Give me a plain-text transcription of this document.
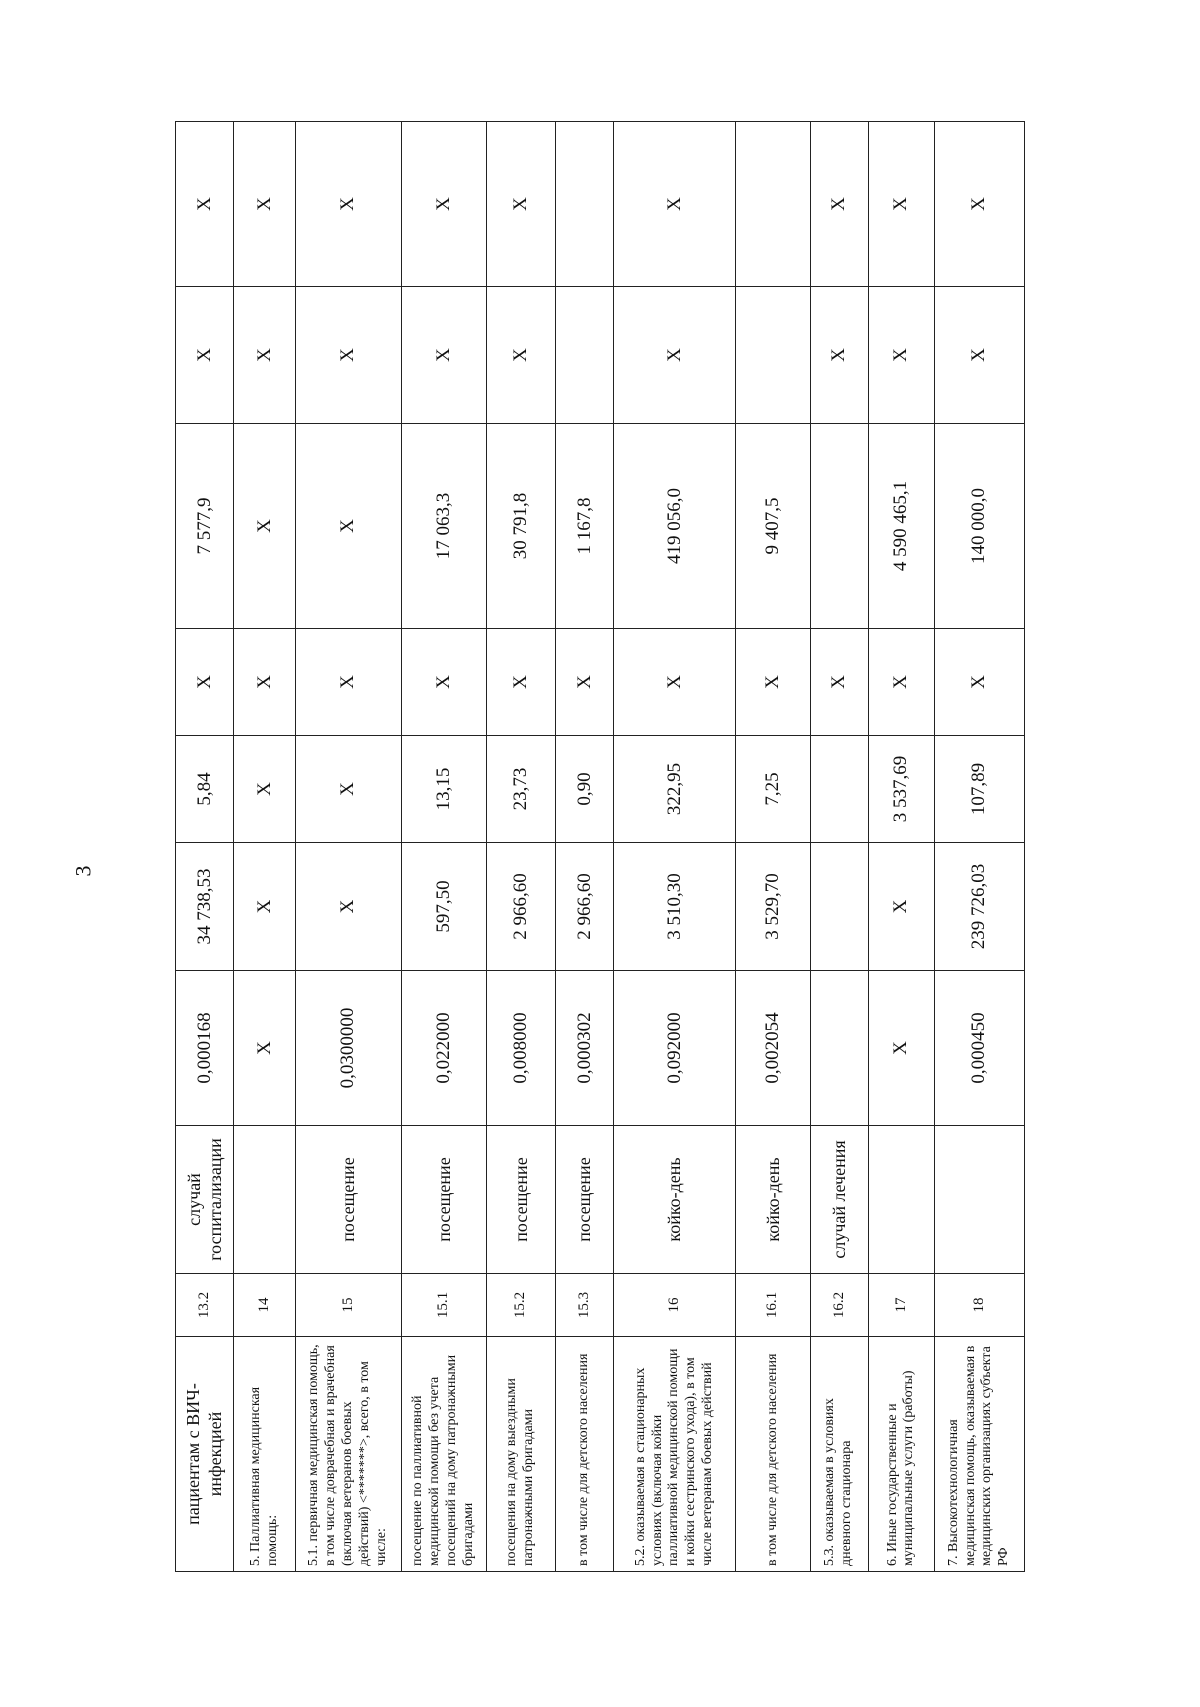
3
пациентам с ВИЧ-инфекцией	13.2	случай госпитализации	0,000168	34 738,53	5,84	X	7 577,9	X	X
5. Паллиативная медицинская помощь:	14		X	X	X	X	X	X	X
5.1. первичная медицинская помощь, в том числе доврачебная и врачебная (включая ветеранов боевых действий) <*******>, всего, в том числе:	15	посещение	0,0300000	X	X	X	X	X	X
посещение по паллиативной медицинской помощи без учета посещений на дому патронажными бригадами	15.1	посещение	0,022000	597,50	13,15	X	17 063,3	X	X
посещения на дому выездными патронажными бригадами	15.2	посещение	0,008000	2 966,60	23,73	X	30 791,8	X	X
в том числе для детского населения	15.3	посещение	0,000302	2 966,60	0,90	X	1 167,8		
5.2. оказываемая в стационарных условиях (включая койки паллиативной медицинской помощи и койки сестринского ухода), в том числе ветеранам боевых действий	16	койко-день	0,092000	3 510,30	322,95	X	419 056,0	X	X
в том числе для детского населения	16.1	койко-день	0,002054	3 529,70	7,25	X	9 407,5		
5.3. оказываемая в условиях дневного стационара	16.2	случай лечения				X		X	X
6. Иные государственные и муниципальные услуги (работы)	17		X	X	3 537,69	X	4 590 465,1	X	X
7. Высокотехнологичная медицинская помощь, оказываемая в медицинских организациях субъекта РФ	18		0,000450	239 726,03	107,89	X	140 000,0	X	X
